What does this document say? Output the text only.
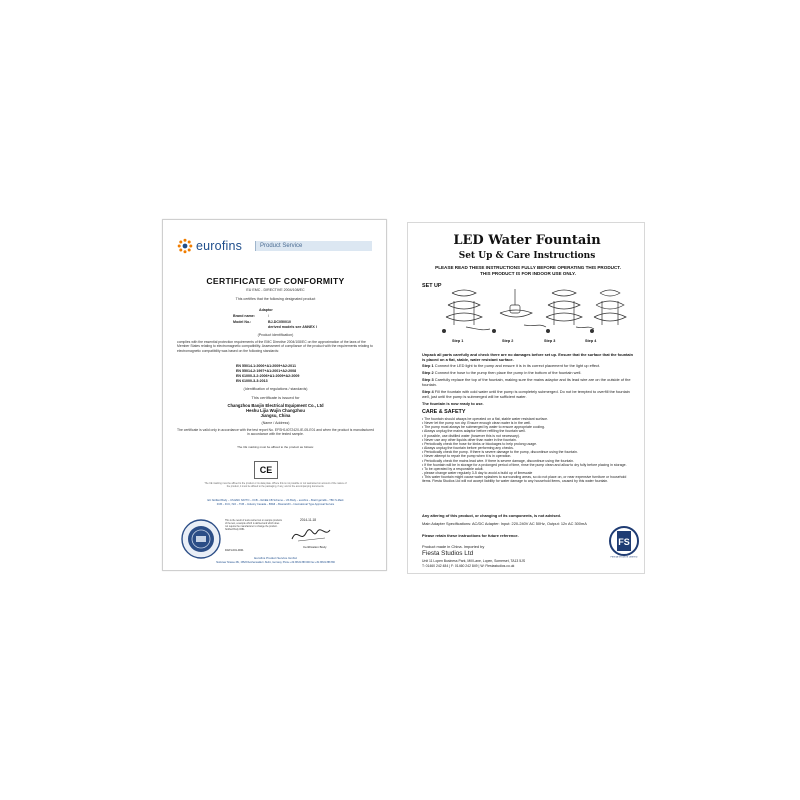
eurofins	Product Service
CERTIFICATE OF CONFORMITY
EU EMC - DIRECTIVE 2004/108/EC
This certifies that the following designated product
Adaptor
Brand name:	/
Model No.:	BJ-DC050010
derived models see ANNEX I
(Product identification)
complies with the essential protection requirements of the EMC Directive 2004/108/EC on the approximation of the laws of the Member States relating to electromagnetic compatibility. Assessment of compliance of the product with the requirements relating to electromagnetic compatibility was based on the following standards:
EN 55014-1:2006+A1:2009+A2:2011
EN 55014-2:1997+A1:2001+A2:2008
EN 61000-3-2:2006+A1:2009+A2:2009
EN 61000-3-3:2013
(Identification of regulations / standards)
This certificate is issued for
Changzhou Baojin Electrical Equipment Co., Ltd
Heshu Lijia Wujin Changzhou
Jiangsu, China
(Name / Address)
The certificate is valid only in accordance with the test report No. EFSH14072420-IE-05-E01 and when the product is manufactured in accordance with the tested sample.
The CE marking must be affixed to the product as follows:
CE
The CE marking must be affixed to the product or its data plate. Where this is not possible or not warranted on account of the nature of the product, it must be affixed to the packaging, if any, and to the accompanying documents.
EU Notified Body – US EMC NATTO – KCB – IECEE CB Scheme – US Body – eurofins – Brazil garrafã – TBC S-Mark
FCB – FCC, ISO – TCB – Industry Canada – BSMI – Bosnia/UN – International Type Approval Service
This is the result of tests carried out on sample products of the test, a sample which is defined and which does not require the manufacturer to change the product. Notified Body 0681.
DAP1-001-0001
2014-11-18
Certification Body
Eurofins Product Service GmbH
Storkower Strasse 38c, 15526 Reichenwalde b. Berlin, Germany, Phone +49 33631 888 000 Fax +49 33631 888 650
LED Water Fountain
Set Up & Care Instructions
PLEASE READ THESE INSTRUCTIONS FULLY BEFORE OPERATING THIS PRODUCT.
THIS PRODUCT IS FOR INDOOR USE ONLY.
SET UP
Step 1	Step 2	Step 3	Step 4
Unpack all parts carefully and check there are no damages before set up. Ensure that the surface that the fountain is placed on a flat, stable, water resistant surface.
Step 1 Connect the LED light to the pump and ensure it is in its correct placement for the light up effect.
Step 2 Connect the hose to the pump then place the pump in the bottom of the fountain well.
Step 3 Carefully replace the top of the fountain, making sure the mains adaptor and its lead wire are on the outside of the fountain.
Step 4 Fill the fountain with cold water until the pump is completely submerged. Do not be tempted to overfill the fountain well, just until the pump is submerged will be sufficient water.
The fountain is now ready to use.
CARE & SAFETY
• The fountain should always be operated on a flat, stable water resistant surface.
• Never let the pump run dry. Ensure enough clean water is in the well.
• The pump must always be submerged by water to ensure appropriate cooling.
• Always unplug the mains adaptor before refilling the fountain well.
• If possible, use distilled water (however this is not necessary).
• Never use any other liquids other than water in the fountain.
• Periodically check the hose for kinks or blockages to help prolong usage.
• Always unplug the fountain before performing any checks.
• Periodically check the pump. If there is severe damage to the pump, discontinue using the fountain.
• Never attempt to repair the pump when it is in operation.
• Periodically check the mains lead wire. If there is severe damage, discontinue using the fountain.
• If the fountain will be in storage for a prolonged period of time, rinse the pump clean and allow to dry fully before placing in storage.
• To be operated by a responsible adult.
- please change water regularly 3-5 day to avoid a build up of limescale
• This water fountain might cause water splashes to surrounding areas, so do not place on, or near expensive furniture or household items. Fiesta Studios Ltd will not accept liability for water damage to any household items, caused by this water fountain.
Any altering of this product, or changing of its components, is not advised.
Main Adapter Specifications: AC/DC Adapter: Input: 220-240V AC 50Hz, Output: 12v AC 300mA
Please retain these instructions for future reference.
Product made in China. Imported by
Fiesta Studios Ltd
Unit 11 Lopen Business Park, Mill Lane, Lopen, Somerset, TA13 5JS
T: 01460 242 484 | F: 01460 242 849 | W: Fiestastudios.co.uk
FS
FIESTA STUDIOS LIMITED
